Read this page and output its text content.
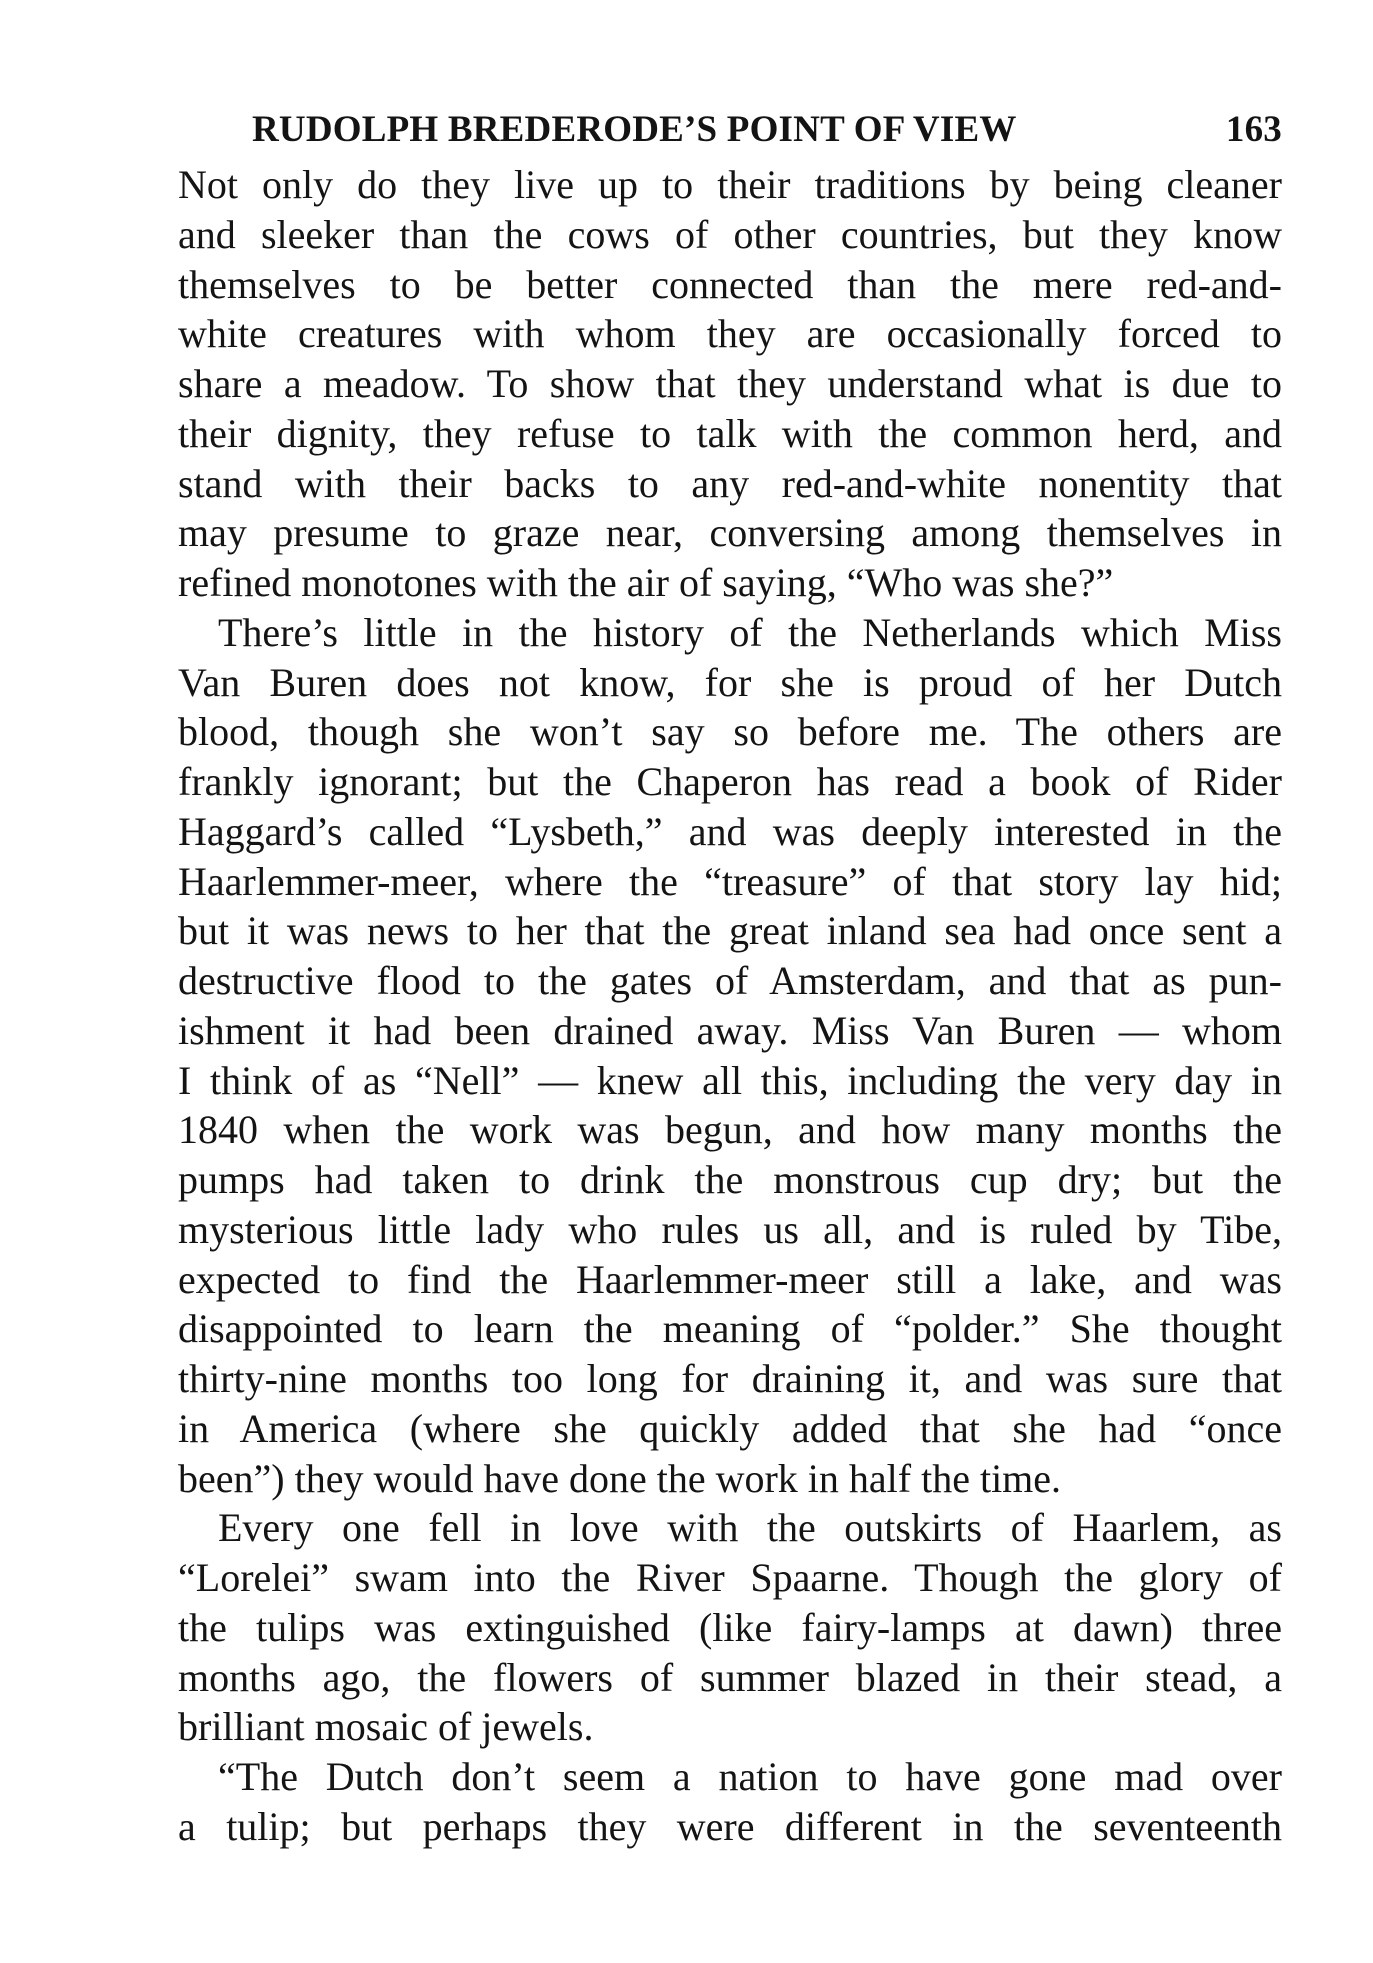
RUDOLPH BREDERODE’S POINT OF VIEW	163
Not only do they live up to their traditions by being cleaner
and sleeker than the cows of other countries, but they know
themselves to be better connected than the mere red-and-
white creatures with whom they are occasionally forced to
share a meadow. To show that they understand what is due to
their dignity, they refuse to talk with the common herd, and
stand with their backs to any red-and-white nonentity that
may presume to graze near, conversing among themselves in
refined monotones with the air of saying, “Who was she?”
There’s little in the history of the Netherlands which Miss
Van Buren does not know, for she is proud of her Dutch
blood, though she won’t say so before me. The others are
frankly ignorant; but the Chaperon has read a book of Rider
Haggard’s called “Lysbeth,” and was deeply interested in the
Haarlemmer-meer, where the “treasure” of that story lay hid;
but it was news to her that the great inland sea had once sent a
destructive flood to the gates of Amsterdam, and that as pun-
ishment it had been drained away. Miss Van Buren — whom
I think of as “Nell” — knew all this, including the very day in
1840 when the work was begun, and how many months the
pumps had taken to drink the monstrous cup dry; but the
mysterious little lady who rules us all, and is ruled by Tibe,
expected to find the Haarlemmer-meer still a lake, and was
disappointed to learn the meaning of “polder.” She thought
thirty-nine months too long for draining it, and was sure that
in America (where she quickly added that she had “once
been”) they would have done the work in half the time.
Every one fell in love with the outskirts of Haarlem, as
“Lorelei” swam into the River Spaarne. Though the glory of
the tulips was extinguished (like fairy-lamps at dawn) three
months ago, the flowers of summer blazed in their stead, a
brilliant mosaic of jewels.
“The Dutch don’t seem a nation to have gone mad over
a tulip; but perhaps they were different in the seventeenth
